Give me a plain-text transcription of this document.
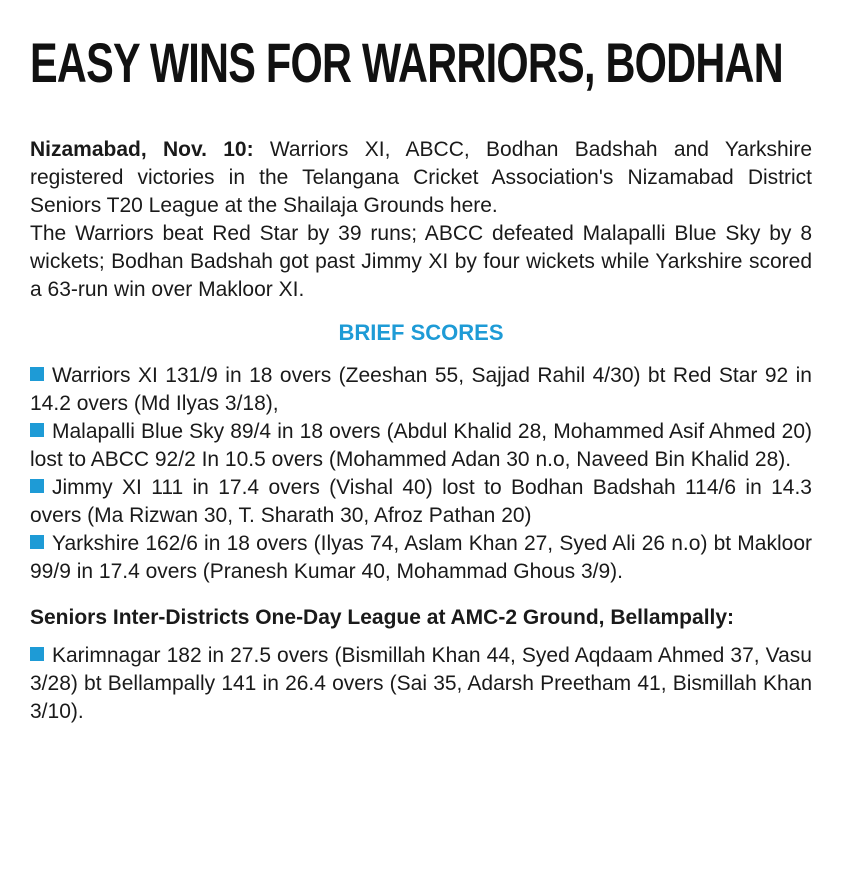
EASY WINS FOR WARRIORS, BODHAN

Nizamabad, Nov. 10: Warriors XI, ABCC, Bodhan Badshah and Yarkshire registered victories in the Telangana Cricket Association's Nizamabad District Seniors T20 League at the Shailaja Grounds here.

The Warriors beat Red Star by 39 runs; ABCC defeated Malapalli Blue Sky by 8 wickets; Bodhan Badshah got past Jimmy XI by four wickets while Yarkshire scored a 63-run win over Makloor XI.

BRIEF SCORES

Warriors XI 131/9 in 18 overs (Zeeshan 55, Sajjad Rahil 4/30) bt Red Star 92 in 14.2 overs (Md Ilyas 3/18),

Malapalli Blue Sky 89/4 in 18 overs (Abdul Khalid 28, Mohammed Asif Ahmed 20) lost to ABCC 92/2 In 10.5 overs (Mohammed Adan 30 n.o, Naveed Bin Khalid 28).

Jimmy XI 111 in 17.4 overs (Vishal 40) lost to Bodhan Badshah 114/6 in 14.3 overs (Ma Rizwan 30, T. Sharath 30, Afroz Pathan 20)

Yarkshire 162/6 in 18 overs (Ilyas 74, Aslam Khan 27, Syed Ali 26 n.o) bt Makloor 99/9 in 17.4 overs (Pranesh Kumar 40, Mohammad Ghous 3/9).

Seniors Inter-Districts One-Day League at AMC-2 Ground, Bellampally:

Karimnagar 182 in 27.5 overs (Bismillah Khan 44, Syed Aqdaam Ahmed 37, Vasu 3/28) bt Bellampally 141 in 26.4 overs (Sai 35, Adarsh Preetham 41, Bismillah Khan 3/10).
